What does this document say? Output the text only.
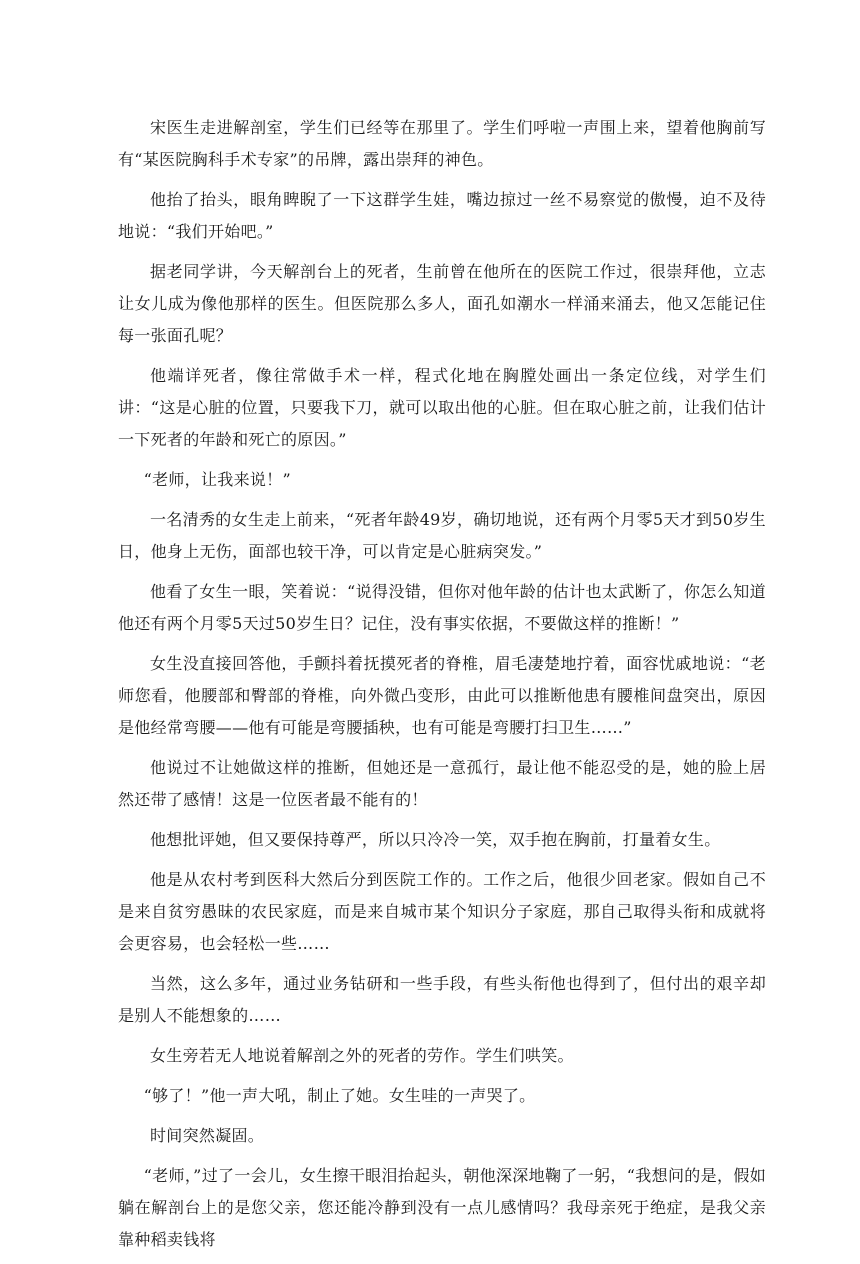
宋医生走进解剖室，学生们已经等在那里了。学生们呼啦一声围上来，望着他胸前写有“某医院胸科手术专家”的吊牌，露出崇拜的神色。

他抬了抬头，眼角睥睨了一下这群学生娃，嘴边掠过一丝不易察觉的傲慢，迫不及待地说：“我们开始吧。”

据老同学讲，今天解剖台上的死者，生前曾在他所在的医院工作过，很崇拜他，立志让女儿成为像他那样的医生。但医院那么多人，面孔如潮水一样涌来涌去，他又怎能记住每一张面孔呢？

他端详死者，像往常做手术一样，程式化地在胸膛处画出一条定位线，对学生们讲：“这是心脏的位置，只要我下刀，就可以取出他的心脏。但在取心脏之前，让我们估计一下死者的年龄和死亡的原因。”

“老师，让我来说！”

一名清秀的女生走上前来，“死者年龄49岁，确切地说，还有两个月零5天才到50岁生日，他身上无伤，面部也较干净，可以肯定是心脏病突发。”

他看了女生一眼，笑着说：“说得没错，但你对他年龄的估计也太武断了，你怎么知道他还有两个月零5天过50岁生日？记住，没有事实依据，不要做这样的推断！”

女生没直接回答他，手颤抖着抚摸死者的脊椎，眉毛凄楚地拧着，面容忧戚地说：“老师您看，他腰部和臀部的脊椎，向外微凸变形，由此可以推断他患有腰椎间盘突出，原因是他经常弯腰——他有可能是弯腰插秧，也有可能是弯腰打扫卫生……”

他说过不让她做这样的推断，但她还是一意孤行，最让他不能忍受的是，她的脸上居然还带了感情！这是一位医者最不能有的！

他想批评她，但又要保持尊严，所以只冷冷一笑，双手抱在胸前，打量着女生。

他是从农村考到医科大然后分到医院工作的。工作之后，他很少回老家。假如自己不是来自贫穷愚昧的农民家庭，而是来自城市某个知识分子家庭，那自己取得头衔和成就将会更容易，也会轻松一些……

当然，这么多年，通过业务钻研和一些手段，有些头衔他也得到了，但付出的艰辛却是别人不能想象的……

女生旁若无人地说着解剖之外的死者的劳作。学生们哄笑。

“够了！”他一声大吼，制止了她。女生哇的一声哭了。

时间突然凝固。

“老师，”过了一会儿，女生擦干眼泪抬起头，朝他深深地鞠了一躬，“我想问的是，假如躺在解剖台上的是您父亲，您还能冷静到没有一点儿感情吗？我母亲死于绝症，是我父亲靠种稻卖钱将
